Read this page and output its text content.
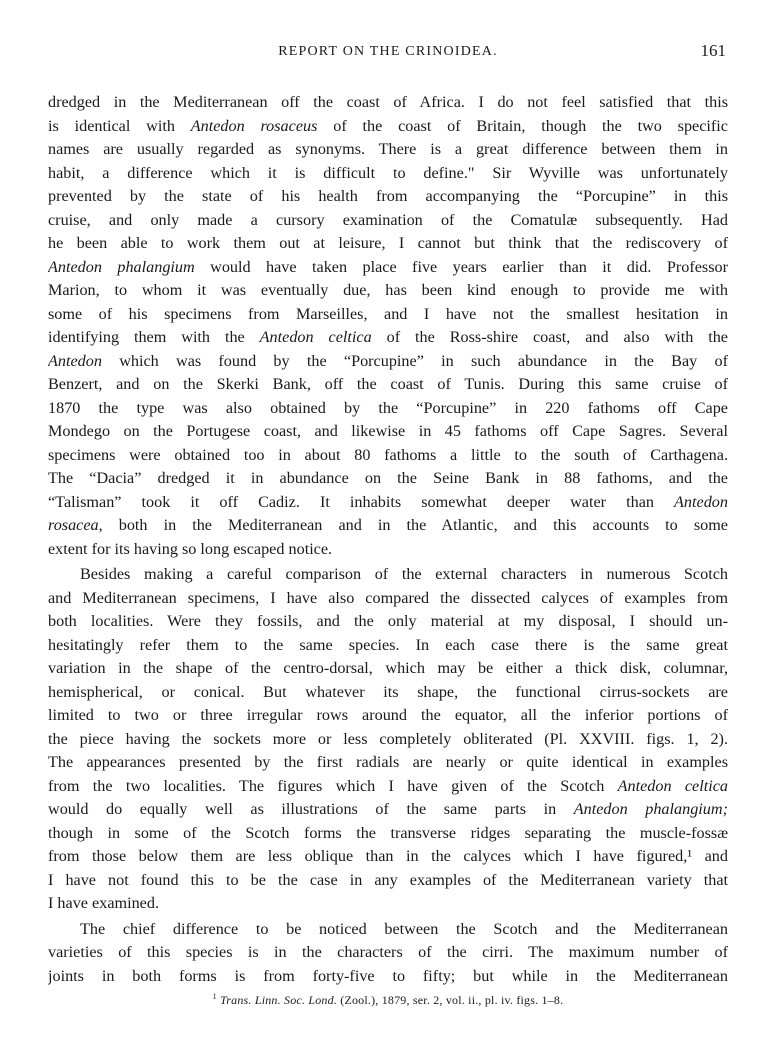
REPORT ON THE CRINOIDEA.	161
dredged in the Mediterranean off the coast of Africa. I do not feel satisfied that this
is identical with Antedon rosaceus of the coast of Britain, though the two specific
names are usually regarded as synonyms. There is a great difference between them in
habit, a difference which it is difficult to define." Sir Wyville was unfortunately
prevented by the state of his health from accompanying the “Porcupine” in this
cruise, and only made a cursory examination of the Comatulæ subsequently. Had
he been able to work them out at leisure, I cannot but think that the rediscovery of
Antedon phalangium would have taken place five years earlier than it did. Professor
Marion, to whom it was eventually due, has been kind enough to provide me with
some of his specimens from Marseilles, and I have not the smallest hesitation in
identifying them with the Antedon celtica of the Ross-shire coast, and also with the
Antedon which was found by the “Porcupine” in such abundance in the Bay of
Benzert, and on the Skerki Bank, off the coast of Tunis. During this same cruise of
1870 the type was also obtained by the “Porcupine” in 220 fathoms off Cape
Mondego on the Portugese coast, and likewise in 45 fathoms off Cape Sagres. Several
specimens were obtained too in about 80 fathoms a little to the south of Carthagena.
The “Dacia” dredged it in abundance on the Seine Bank in 88 fathoms, and the
“Talisman” took it off Cadiz. It inhabits somewhat deeper water than Antedon
rosacea, both in the Mediterranean and in the Atlantic, and this accounts to some
extent for its having so long escaped notice.
Besides making a careful comparison of the external characters in numerous Scotch
and Mediterranean specimens, I have also compared the dissected calyces of examples from
both localities. Were they fossils, and the only material at my disposal, I should un-
hesitatingly refer them to the same species. In each case there is the same great
variation in the shape of the centro-dorsal, which may be either a thick disk, columnar,
hemispherical, or conical. But whatever its shape, the functional cirrus-sockets are
limited to two or three irregular rows around the equator, all the inferior portions of
the piece having the sockets more or less completely obliterated (Pl. XXVIII. figs. 1, 2).
The appearances presented by the first radials are nearly or quite identical in examples
from the two localities. The figures which I have given of the Scotch Antedon celtica
would do equally well as illustrations of the same parts in Antedon phalangium;
though in some of the Scotch forms the transverse ridges separating the muscle-fossæ
from those below them are less oblique than in the calyces which I have figured,¹ and
I have not found this to be the case in any examples of the Mediterranean variety that
I have examined.
The chief difference to be noticed between the Scotch and the Mediterranean
varieties of this species is in the characters of the cirri. The maximum number of
joints in both forms is from forty-five to fifty; but while in the Mediterranean
$^1$ Trans. Linn. Soc. Lond. (Zool.), 1879, ser. 2, vol. ii., pl. iv. figs. 1–8.
